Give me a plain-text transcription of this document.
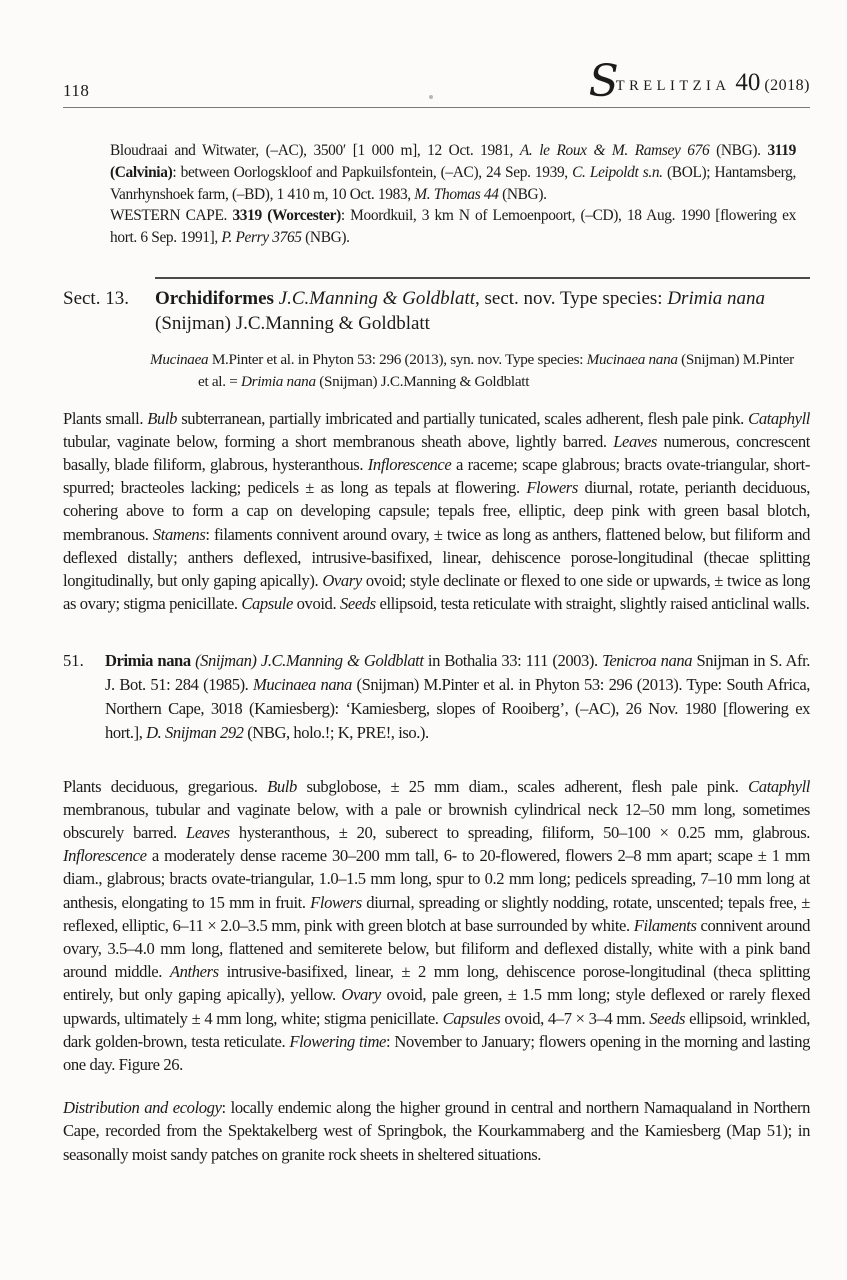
118	STRELITZIA 40 (2018)

Bloudraai and Witwater, (–AC), 3500′ [1 000 m], 12 Oct. 1981, A. le Roux & M. Ramsey 676 (NBG). 3119 (Calvinia): between Oorlogskloof and Papkuilsfontein, (–AC), 24 Sep. 1939, C. Leipoldt s.n. (BOL); Hantamsberg, Vanrhynshoek farm, (–BD), 1 410 m, 10 Oct. 1983, M. Thomas 44 (NBG).

WESTERN CAPE. 3319 (Worcester): Moordkuil, 3 km N of Lemoenpoort, (–CD), 18 Aug. 1990 [flowering ex hort. 6 Sep. 1991], P. Perry 3765 (NBG).

Sect. 13.	Orchidiformes J.C.Manning & Goldblatt, sect. nov. Type species: Drimia nana (Snijman) J.C.Manning & Goldblatt

Mucinaea M.Pinter et al. in Phyton 53: 296 (2013), syn. nov. Type species: Mucinaea nana (Snijman) M.Pinter et al. = Drimia nana (Snijman) J.C.Manning & Goldblatt

Plants small. Bulb subterranean, partially imbricated and partially tunicated, scales adherent, flesh pale pink. Cataphyll tubular, vaginate below, forming a short membranous sheath above, lightly barred. Leaves numerous, concrescent basally, blade filiform, glabrous, hysteranthous. Inflorescence a raceme; scape glabrous; bracts ovate-triangular, short-spurred; bracteoles lacking; pedicels ± as long as tepals at flowering. Flowers diurnal, rotate, perianth deciduous, cohering above to form a cap on developing capsule; tepals free, elliptic, deep pink with green basal blotch, membranous. Stamens: filaments connivent around ovary, ± twice as long as anthers, flattened below, but filiform and deflexed distally; anthers deflexed, intrusive-basifixed, linear, dehiscence porose-longitudinal (thecae splitting longitudinally, but only gaping apically). Ovary ovoid; style declinate or flexed to one side or upwards, ± twice as long as ovary; stigma penicillate. Capsule ovoid. Seeds ellipsoid, testa reticulate with straight, slightly raised anticlinal walls.

51.	Drimia nana (Snijman) J.C.Manning & Goldblatt in Bothalia 33: 111 (2003). Tenicroa nana Snijman in S. Afr. J. Bot. 51: 284 (1985). Mucinaea nana (Snijman) M.Pinter et al. in Phyton 53: 296 (2013). Type: South Africa, Northern Cape, 3018 (Kamiesberg): ‘Kamiesberg, slopes of Rooiberg’, (–AC), 26 Nov. 1980 [flowering ex hort.], D. Snijman 292 (NBG, holo.!; K, PRE!, iso.).

Plants deciduous, gregarious. Bulb subglobose, ± 25 mm diam., scales adherent, flesh pale pink. Cataphyll membranous, tubular and vaginate below, with a pale or brownish cylindrical neck 12–50 mm long, sometimes obscurely barred. Leaves hysteranthous, ± 20, suberect to spreading, filiform, 50–100 × 0.25 mm, glabrous. Inflorescence a moderately dense raceme 30–200 mm tall, 6- to 20-flowered, flowers 2–8 mm apart; scape ± 1 mm diam., glabrous; bracts ovate-triangular, 1.0–1.5 mm long, spur to 0.2 mm long; pedicels spreading, 7–10 mm long at anthesis, elongating to 15 mm in fruit. Flowers diurnal, spreading or slightly nodding, rotate, unscented; tepals free, ± reflexed, elliptic, 6–11 × 2.0–3.5 mm, pink with green blotch at base surrounded by white. Filaments connivent around ovary, 3.5–4.0 mm long, flattened and semiterete below, but filiform and deflexed distally, white with a pink band around middle. Anthers intrusive-basifixed, linear, ± 2 mm long, dehiscence porose-longitudinal (theca splitting entirely, but only gaping apically), yellow. Ovary ovoid, pale green, ± 1.5 mm long; style deflexed or rarely flexed upwards, ultimately ± 4 mm long, white; stigma penicillate. Capsules ovoid, 4–7 × 3–4 mm. Seeds ellipsoid, wrinkled, dark golden-brown, testa reticulate. Flowering time: November to January; flowers opening in the morning and lasting one day. Figure 26.

Distribution and ecology: locally endemic along the higher ground in central and northern Namaqualand in Northern Cape, recorded from the Spektakelberg west of Springbok, the Kourkammaberg and the Kamiesberg (Map 51); in seasonally moist sandy patches on granite rock sheets in sheltered situations.
